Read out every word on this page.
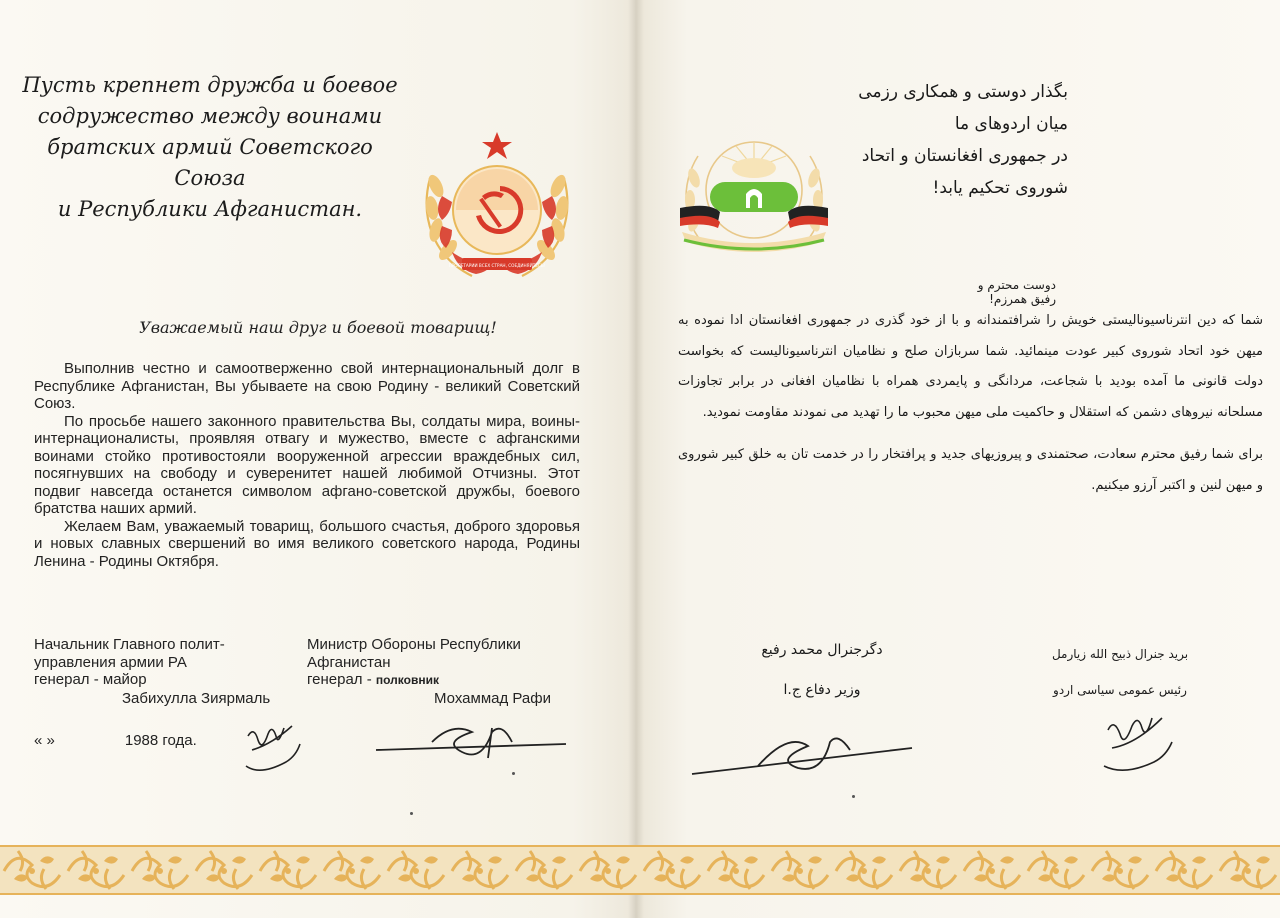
Пусть крепнет дружба и боевое
содружество между воинами
братских армий Советского Союза
и Республики Афганистан.
ПРОЛЕТАРИИ ВСЕХ СТРАН, СОЕДИНЯЙТЕСЬ!
Уважаемый наш друг и боевой товарищ!

Выполнив честно и самоотверженно свой интернациональный долг в Республике Афганистан, Вы убываете на свою Родину - великий Советский Союз.

По просьбе нашего законного правительства Вы, солдаты мира, воины-интернационалисты, проявляя отвагу и мужество, вместе с афганскими воинами стойко противостояли вооруженной агрессии враждебных сил, посягнувших на свободу и суверенитет нашей любимой Отчизны. Этот подвиг навсегда останется символом афгано-советской дружбы, боевого братства наших армий.

Желаем Вам, уважаемый товарищ, большого счастья, доброго здоровья и новых славных свершений во имя великого советского народа, Родины Ленина - Родины Октября.

Начальник Главного полит-
управления армии РА
генерал - майор
Министр Обороны Республики
Афганистан
генерал - полковник
Забихулла Зиярмаль	Мохаммад Рафи
« »	1988 года.
بگذار دوستی و همکاری رزمی میان اردوهای ما
در جمهوری افغانستان و اتحاد شوروی تحکیم یابد!
دوست محترم و رفیق همرزم!

شما که دین انترناسیونالیستی خویش را شرافتمندانه و با از خود گذری در جمهوری افغانستان ادا نموده به میهن خود اتحاد شوروی کبیر عودت مینمائید. شما سربازان صلح و نظامیان انترناسیونالیست که بخواست دولت قانونی ما آمده بودید با شجاعت، مردانگی و پایمردی همراه با نظامیان افغانی در برابر تجاوزات مسلحانه نیروهای دشمن که استقلال و حاکمیت ملی میهن محبوب ما را تهدید می نمودند مقاومت نمودید.

برای شما رفیق محترم سعادت، صحتمندی و پیروزیهای جدید و پرافتخار را در خدمت تان به خلق کبیر شوروی و میهن لنین و اکتبر آرزو میکنیم.

دگرجنرال محمد رفیع
وزیر دفاع ج.ا
برید جنرال ذبیح الله زیارمل
رئیس عمومی سیاسی اردو
